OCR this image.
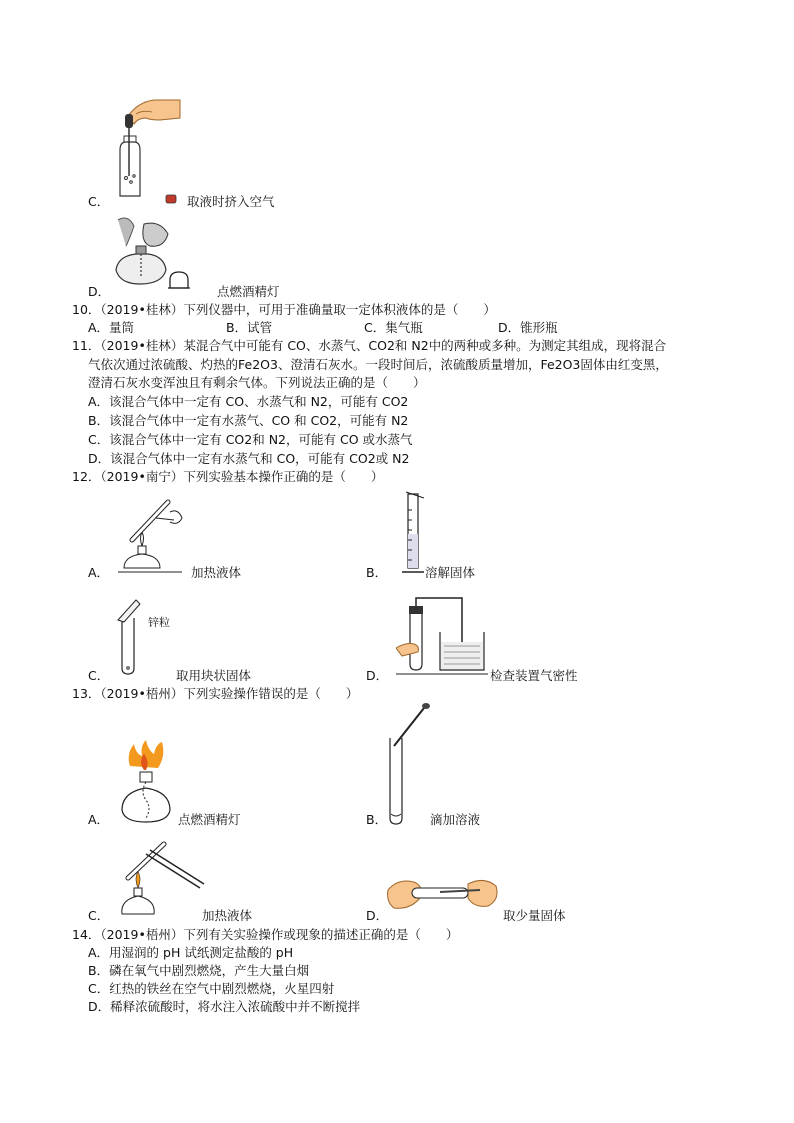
C．	取液时挤入空气
D．	点燃酒精灯
10．（2019•桂林）下列仪器中，可用于准确量取一定体积液体的是（　　）
A．量筒	B．试管	C．集气瓶	D．锥形瓶
11．（2019•桂林）某混合气中可能有 CO、水蒸气、CO2和 N2中的两种或多种。为测定其组成，现将混合
气依次通过浓硫酸、灼热的Fe2O3、澄清石灰水。一段时间后，浓硫酸质量增加，Fe2O3固体由红变黑，
澄清石灰水变浑浊且有剩余气体。下列说法正确的是（　　）
A．该混合气体中一定有 CO、水蒸气和 N2，可能有 CO2
B．该混合气体中一定有水蒸气、CO 和 CO2，可能有 N2
C．该混合气体中一定有 CO2和 N2，可能有 CO 或水蒸气
D．该混合气体中一定有水蒸气和 CO，可能有 CO2或 N2
12．（2019•南宁）下列实验基本操作正确的是（　　）
A．	加热液体	B．	溶解固体
锌粒
C．	取用块状固体	D．	检查装置气密性
13．（2019•梧州）下列实验操作错误的是（　　）
A．	点燃酒精灯	B．	滴加溶液
C．	加热液体	D．	取少量固体
14．（2019•梧州）下列有关实验操作或现象的描述正确的是（　　）
A．用湿润的 pH 试纸测定盐酸的 pH
B．磷在氧气中剧烈燃烧，产生大量白烟
C．红热的铁丝在空气中剧烈燃烧，火星四射
D．稀释浓硫酸时，将水注入浓硫酸中并不断搅拌
